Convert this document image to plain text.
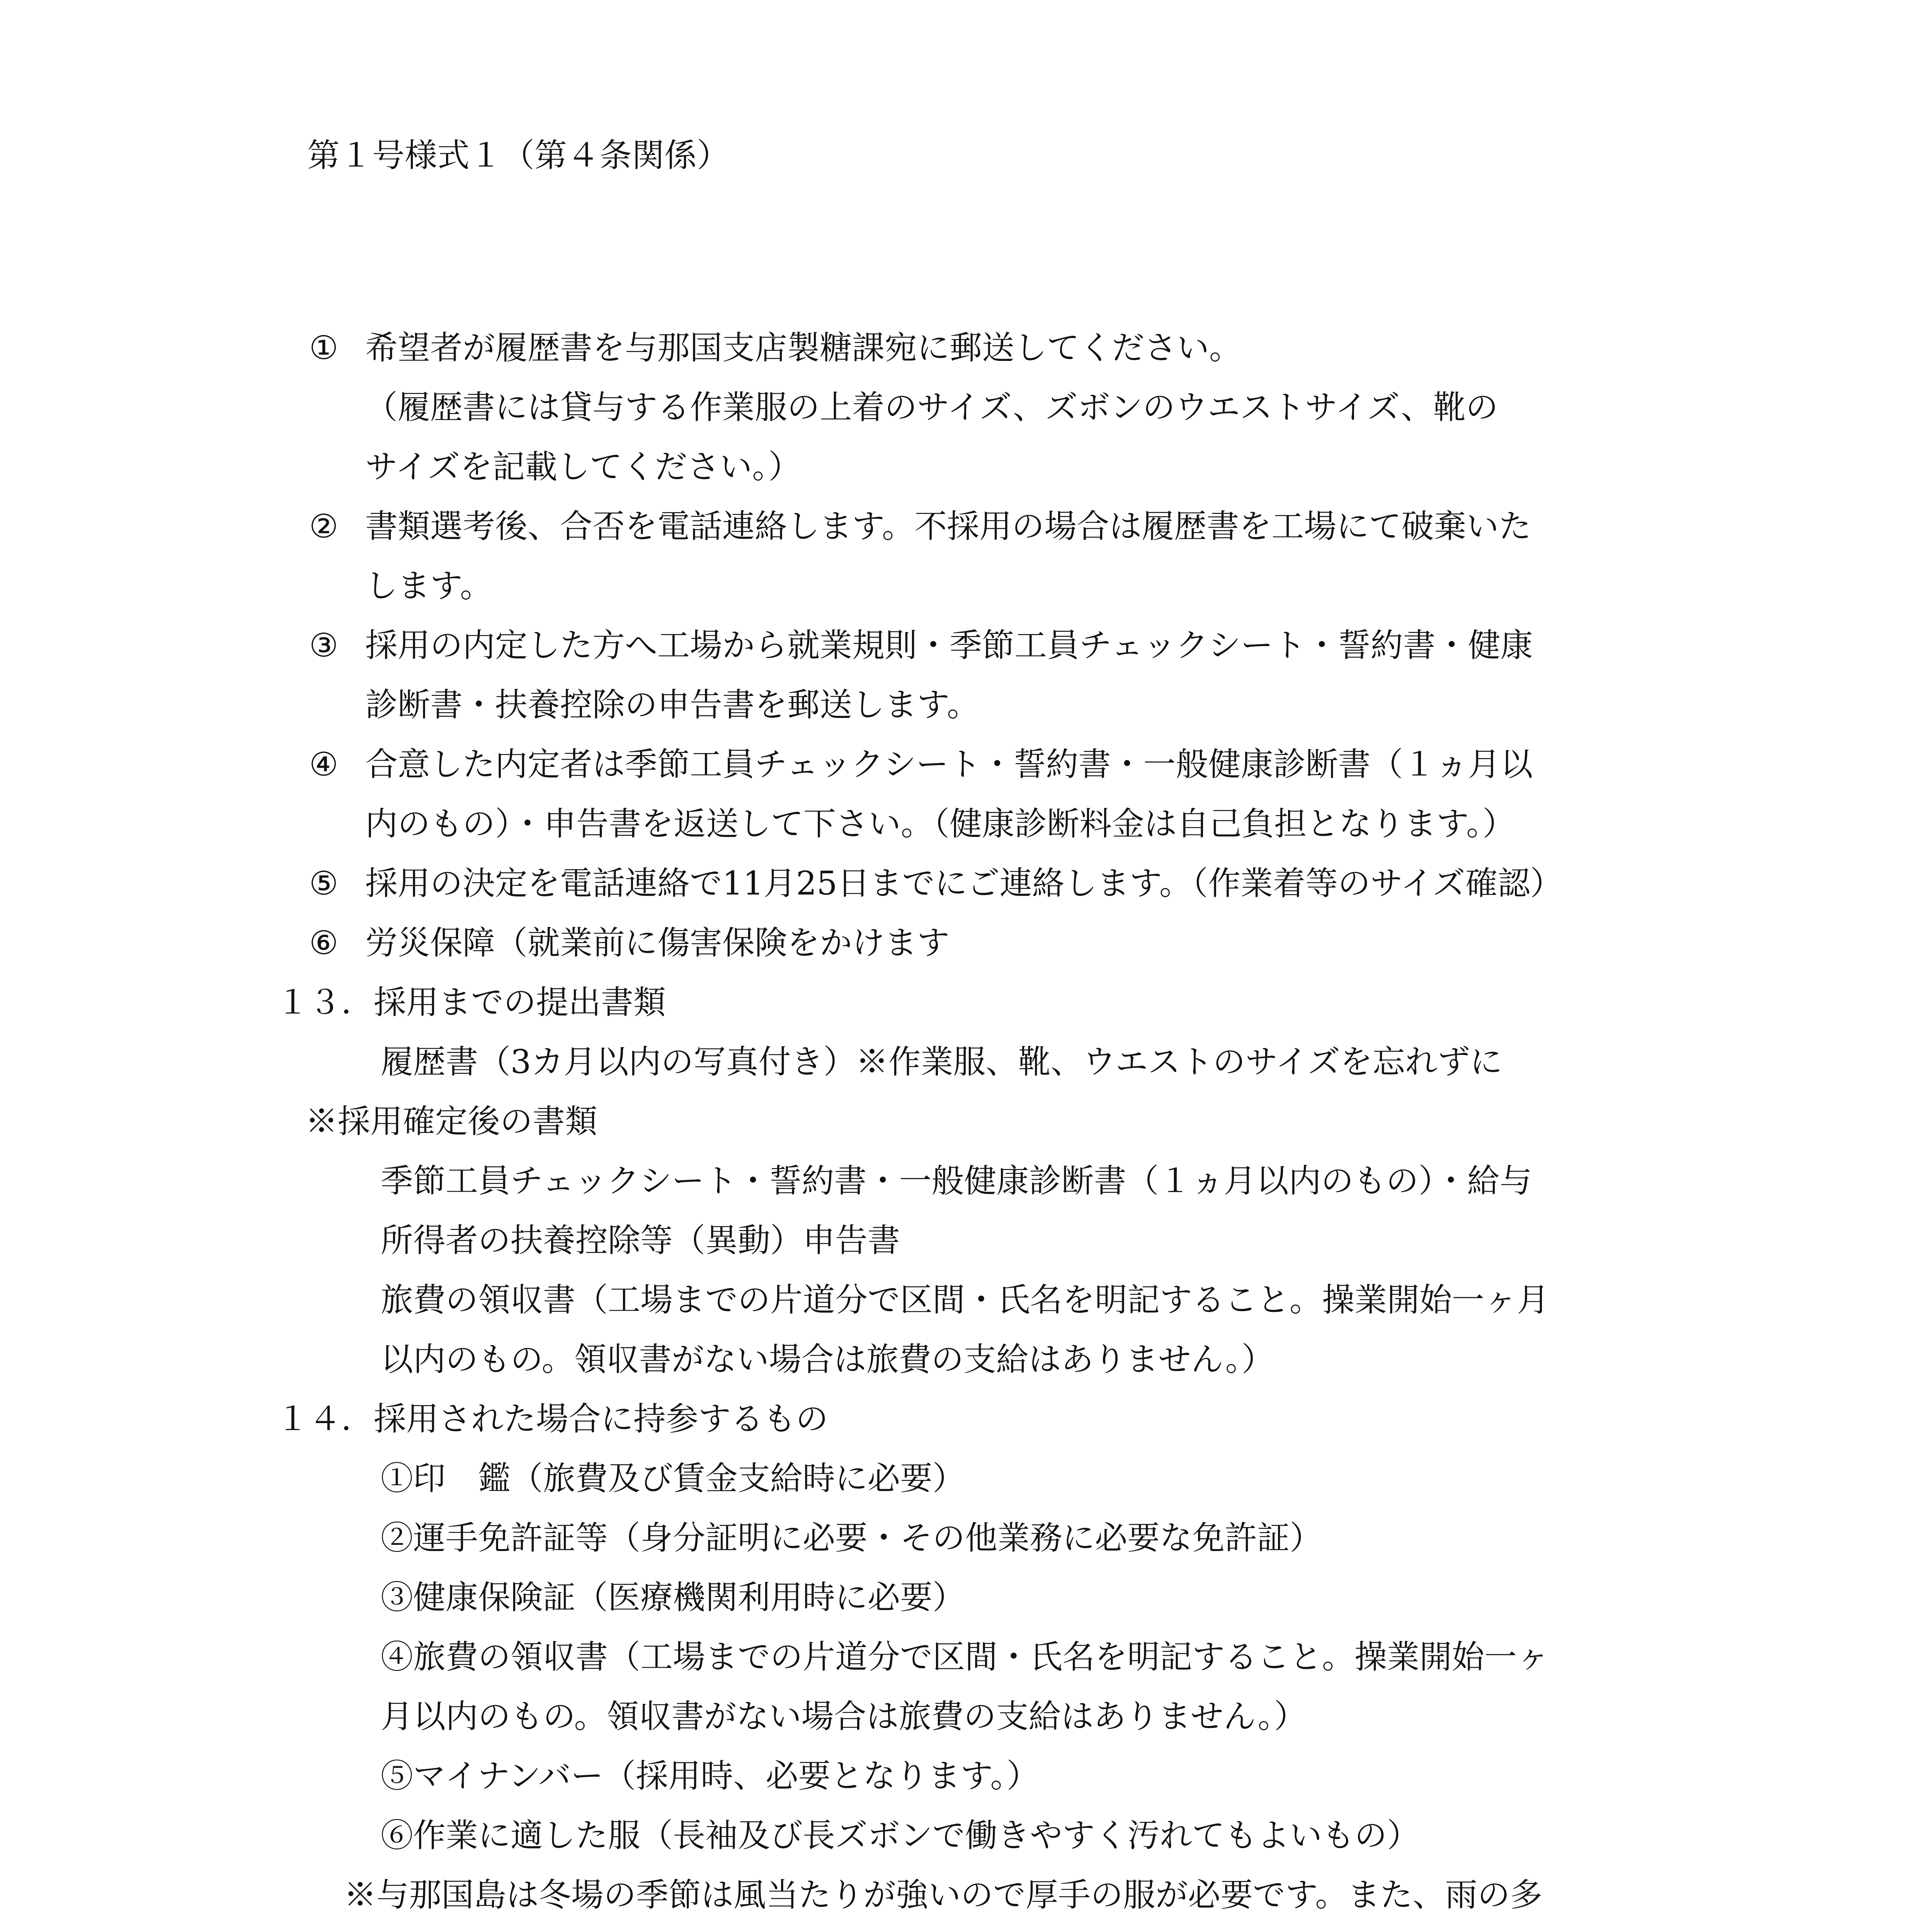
第１号様式１（第４条関係）
① 希望者が履歴書を与那国支店製糖課宛に郵送してください。
（履歴書には貸与する作業服の上着のサイズ、ズボンのウエストサイズ、靴の
サイズを記載してください。）
② 書類選考後、合否を電話連絡します。不採用の場合は履歴書を工場にて破棄いた
します。
③ 採用の内定した方へ工場から就業規則・季節工員チェックシート・誓約書・健康
診断書・扶養控除の申告書を郵送します。
④ 合意した内定者は季節工員チェックシート・誓約書・一般健康診断書（１ヵ月以
内のもの）・申告書を返送して下さい。（健康診断料金は自己負担となります。）
⑤ 採用の決定を電話連絡で11月25日までにご連絡します。（作業着等のサイズ確認）
⑥ 労災保障（就業前に傷害保険をかけます
１３．採用までの提出書類
履歴書（3カ月以内の写真付き）※作業服、靴、ウエストのサイズを忘れずに
※採用確定後の書類
季節工員チェックシート・誓約書・一般健康診断書（１ヵ月以内のもの）・給与
所得者の扶養控除等（異動）申告書
旅費の領収書（工場までの片道分で区間・氏名を明記すること。操業開始一ヶ月
以内のもの。領収書がない場合は旅費の支給はありません。）
１４．採用された場合に持参するもの
①印　鑑（旅費及び賃金支給時に必要）
②運手免許証等（身分証明に必要・その他業務に必要な免許証）
③健康保険証（医療機関利用時に必要）
④旅費の領収書（工場までの片道分で区間・氏名を明記すること。操業開始一ヶ
月以内のもの。領収書がない場合は旅費の支給はありません。）
⑤マイナンバー（採用時、必要となります。）
⑥作業に適した服（長袖及び長ズボンで働きやすく汚れてもよいもの）
※与那国島は冬場の季節は風当たりが強いので厚手の服が必要です。また、雨の多
